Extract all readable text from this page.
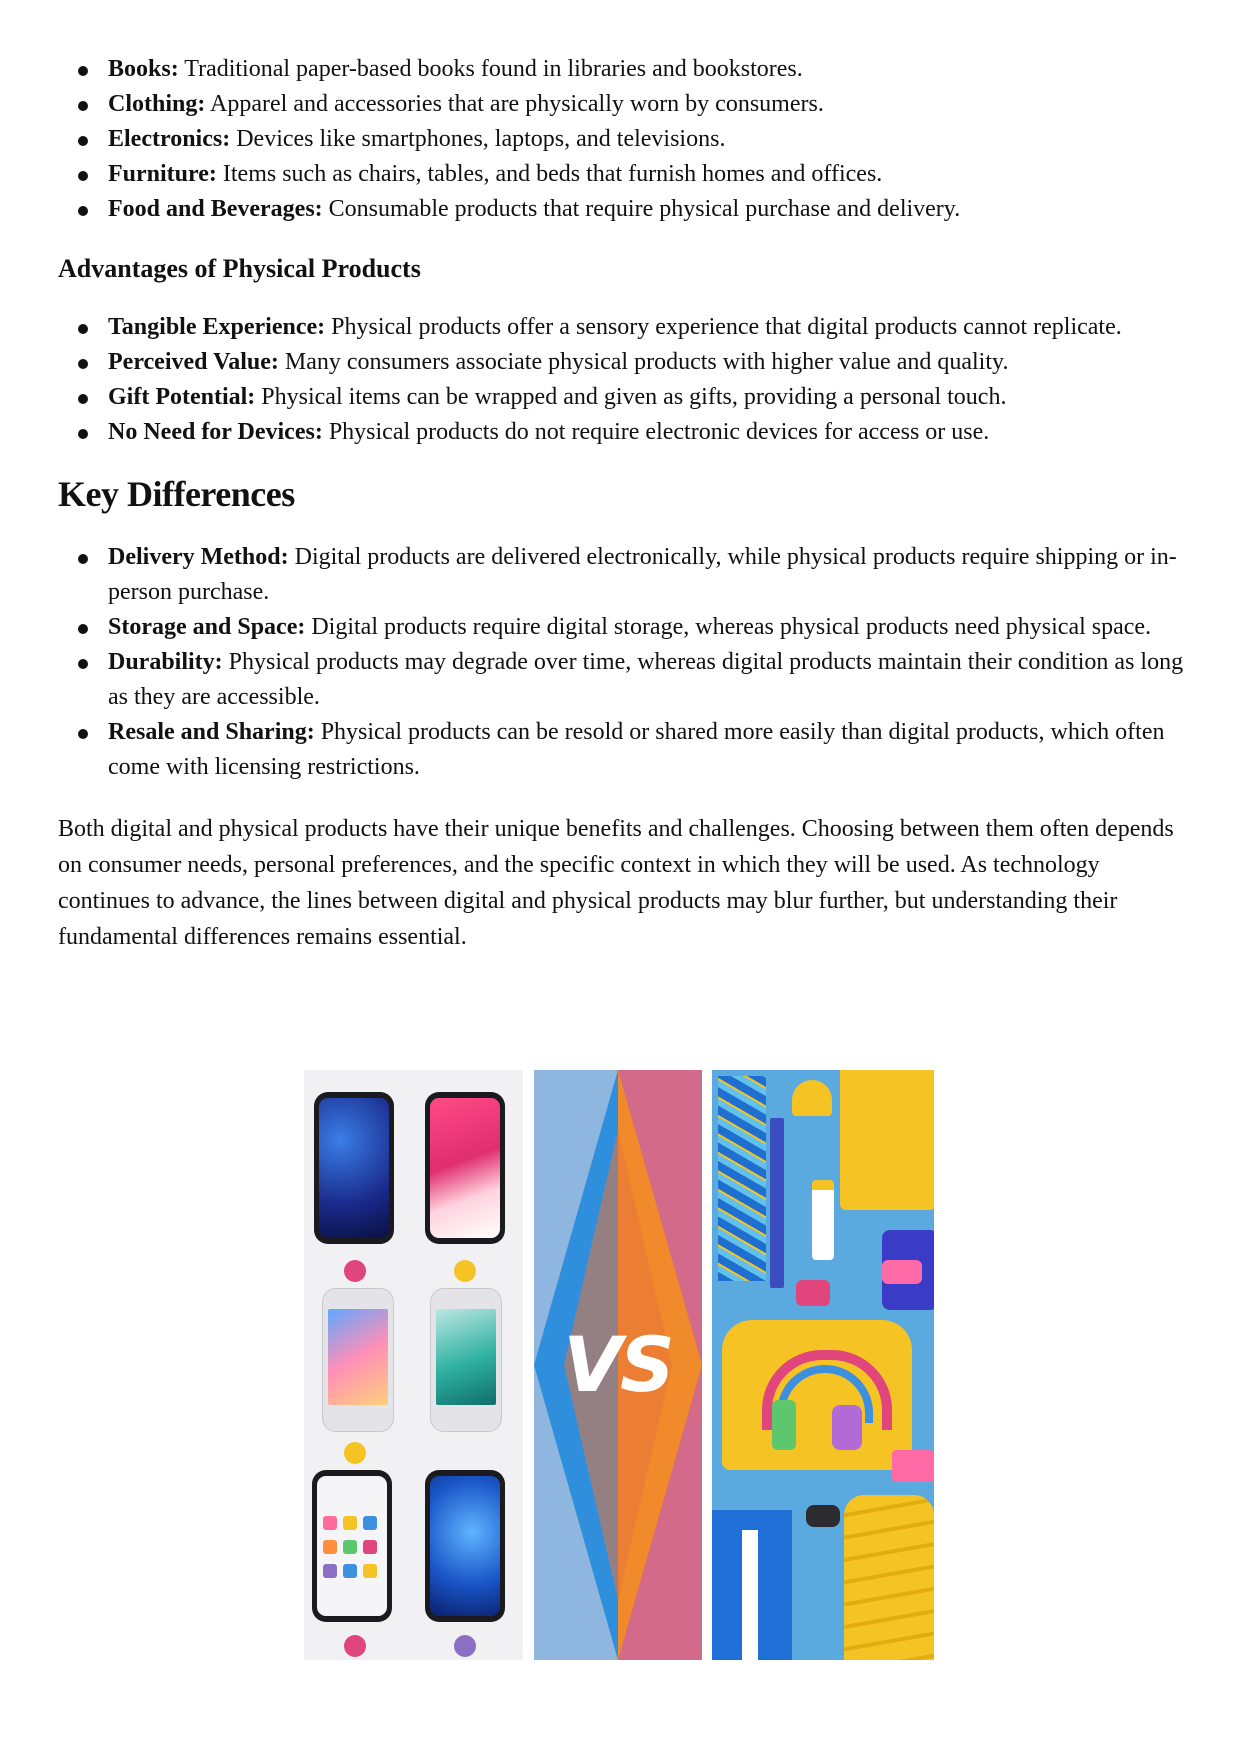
Books: Traditional paper-based books found in libraries and bookstores.
Clothing: Apparel and accessories that are physically worn by consumers.
Electronics: Devices like smartphones, laptops, and televisions.
Furniture: Items such as chairs, tables, and beds that furnish homes and offices.
Food and Beverages: Consumable products that require physical purchase and delivery.
Advantages of Physical Products
Tangible Experience: Physical products offer a sensory experience that digital products cannot replicate.
Perceived Value: Many consumers associate physical products with higher value and quality.
Gift Potential: Physical items can be wrapped and given as gifts, providing a personal touch.
No Need for Devices: Physical products do not require electronic devices for access or use.
Key Differences
Delivery Method: Digital products are delivered electronically, while physical products require shipping or in-person purchase.
Storage and Space: Digital products require digital storage, whereas physical products need physical space.
Durability: Physical products may degrade over time, whereas digital products maintain their condition as long as they are accessible.
Resale and Sharing: Physical products can be resold or shared more easily than digital products, which often come with licensing restrictions.

Both digital and physical products have their unique benefits and challenges. Choosing between them often depends on consumer needs, personal preferences, and the specific context in which they will be used. As technology continues to advance, the lines between digital and physical products may blur further, but understanding their fundamental differences remains essential.

VS
